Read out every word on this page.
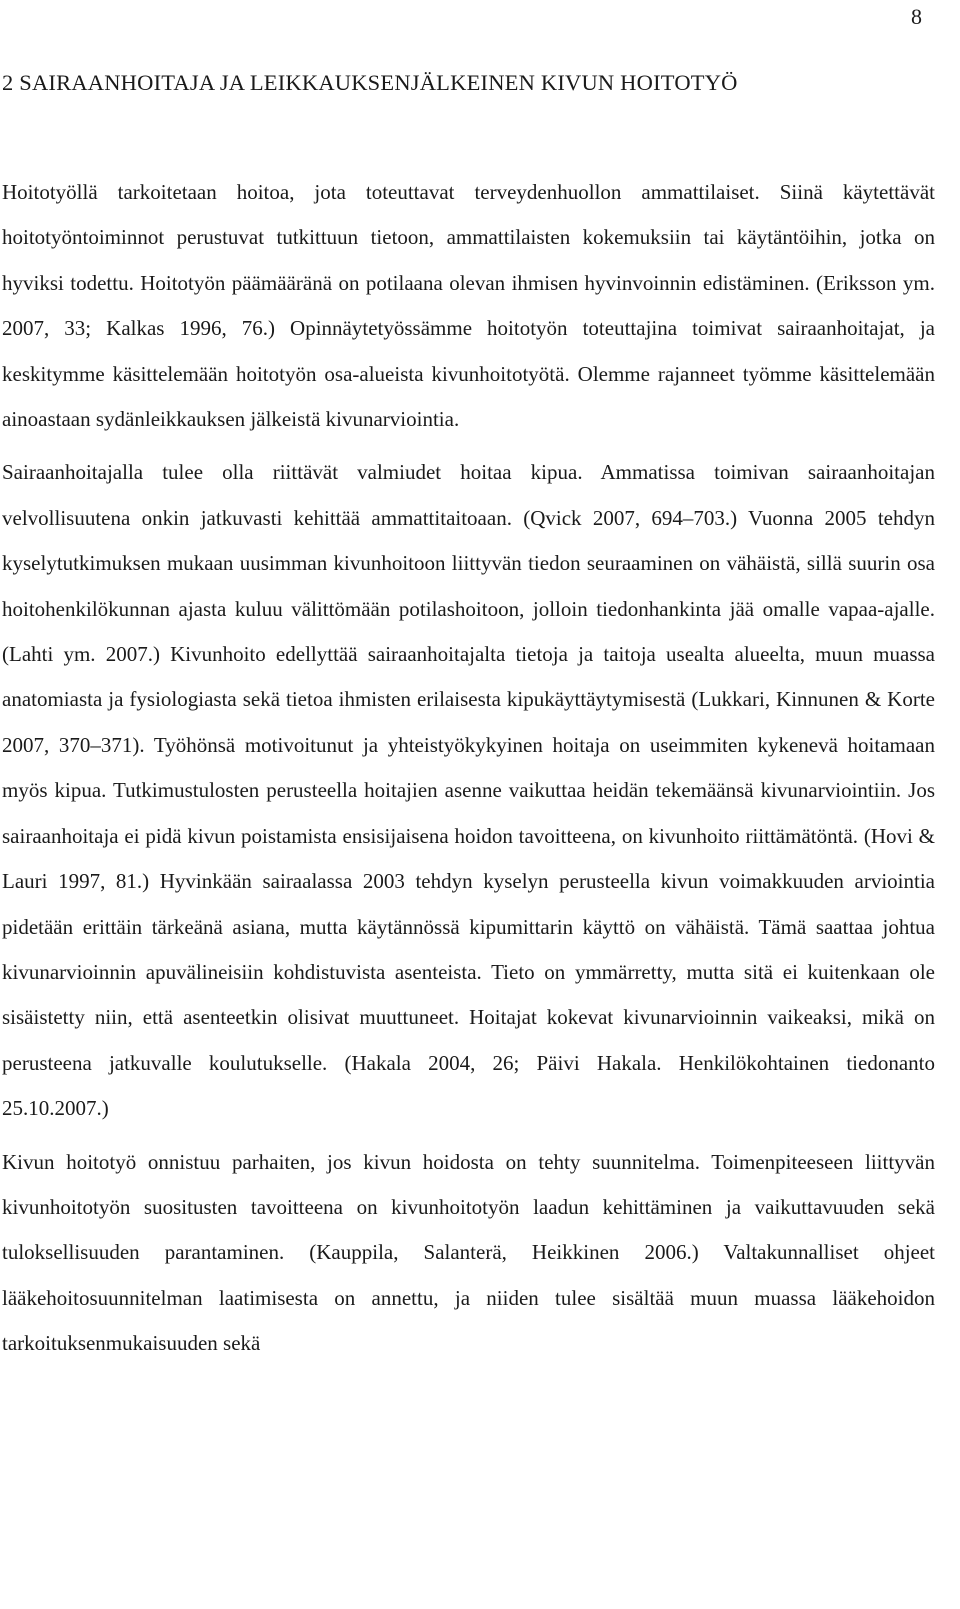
8
2 SAIRAANHOITAJA JA LEIKKAUKSENJÄLKEINEN KIVUN HOITOTYÖ

Hoitotyöllä tarkoitetaan hoitoa, jota toteuttavat terveydenhuollon ammattilaiset. Siinä käytettävät hoitotyöntoiminnot perustuvat tutkittuun tietoon, ammattilaisten kokemuksiin tai käytäntöihin, jotka on hyviksi todettu. Hoitotyön päämääränä on potilaana olevan ihmisen hyvinvoinnin edistäminen. (Eriksson ym. 2007, 33; Kalkas 1996, 76.) Opinnäytetyössämme hoitotyön toteuttajina toimivat sairaanhoitajat, ja keskitymme käsittelemään hoitotyön osa-alueista kivunhoitotyötä. Olemme rajanneet työmme käsittelemään ainoastaan sydänleikkauksen jälkeistä kivunarviointia.

Sairaanhoitajalla tulee olla riittävät valmiudet hoitaa kipua. Ammatissa toimivan sairaanhoitajan velvollisuutena onkin jatkuvasti kehittää ammattitaitoaan. (Qvick 2007, 694–703.) Vuonna 2005 tehdyn kyselytutkimuksen mukaan uusimman kivunhoitoon liittyvän tiedon seuraaminen on vähäistä, sillä suurin osa hoitohenkilökunnan ajasta kuluu välittömään potilashoitoon, jolloin tiedonhankinta jää omalle vapaa-ajalle. (Lahti ym. 2007.) Kivunhoito edellyttää sairaanhoitajalta tietoja ja taitoja usealta alueelta, muun muassa anatomiasta ja fysiologiasta sekä tietoa ihmisten erilaisesta kipukäyttäytymisestä (Lukkari, Kinnunen & Korte 2007, 370–371). Työhönsä motivoitunut ja yhteistyökykyinen hoitaja on useimmiten kykenevä hoitamaan myös kipua. Tutkimustulosten perusteella hoitajien asenne vaikuttaa heidän tekemäänsä kivunarviointiin. Jos sairaanhoitaja ei pidä kivun poistamista ensisijaisena hoidon tavoitteena, on kivunhoito riittämätöntä. (Hovi & Lauri 1997, 81.) Hyvinkään sairaalassa 2003 tehdyn kyselyn perusteella kivun voimakkuuden arviointia pidetään erittäin tärkeänä asiana, mutta käytännössä kipumittarin käyttö on vähäistä. Tämä saattaa johtua kivunarvioinnin apuvälineisiin kohdistuvista asenteista. Tieto on ymmärretty, mutta sitä ei kuitenkaan ole sisäistetty niin, että asenteetkin olisivat muuttuneet. Hoitajat kokevat kivunarvioinnin vaikeaksi, mikä on perusteena jatkuvalle koulutukselle. (Hakala 2004, 26; Päivi Hakala. Henkilökohtainen tiedonanto 25.10.2007.)

Kivun hoitotyö onnistuu parhaiten, jos kivun hoidosta on tehty suunnitelma. Toimenpiteeseen liittyvän kivunhoitotyön suositusten tavoitteena on kivunhoitotyön laadun kehittäminen ja vaikuttavuuden sekä tuloksellisuuden parantaminen. (Kauppila, Salanterä, Heikkinen 2006.) Valtakunnalliset ohjeet lääkehoitosuunnitelman laatimisesta on annettu, ja niiden tulee sisältää muun muassa lääkehoidon tarkoituksenmukaisuuden sekä
